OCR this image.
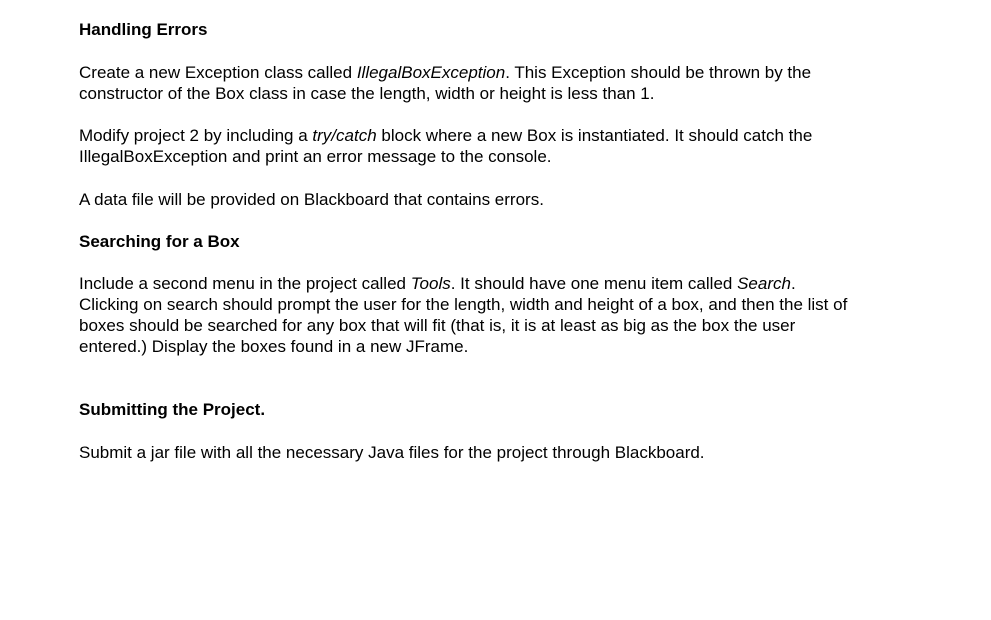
Handling Errors
Create a new Exception class called IllegalBoxException. This Exception should be thrown by the
constructor of the Box class in case the length, width or height is less than 1.
Modify project 2 by including a try/catch block where a new Box is instantiated. It should catch the
IllegalBoxException and print an error message to the console.
A data file will be provided on Blackboard that contains errors.
Searching for a Box
Include a second menu in the project called Tools. It should have one menu item called Search.
Clicking on search should prompt the user for the length, width and height of a box, and then the list of
boxes should be searched for any box that will fit (that is, it is at least as big as the box the user
entered.) Display the boxes found in a new JFrame.
Submitting the Project.
Submit a jar file with all the necessary Java files for the project through Blackboard.
